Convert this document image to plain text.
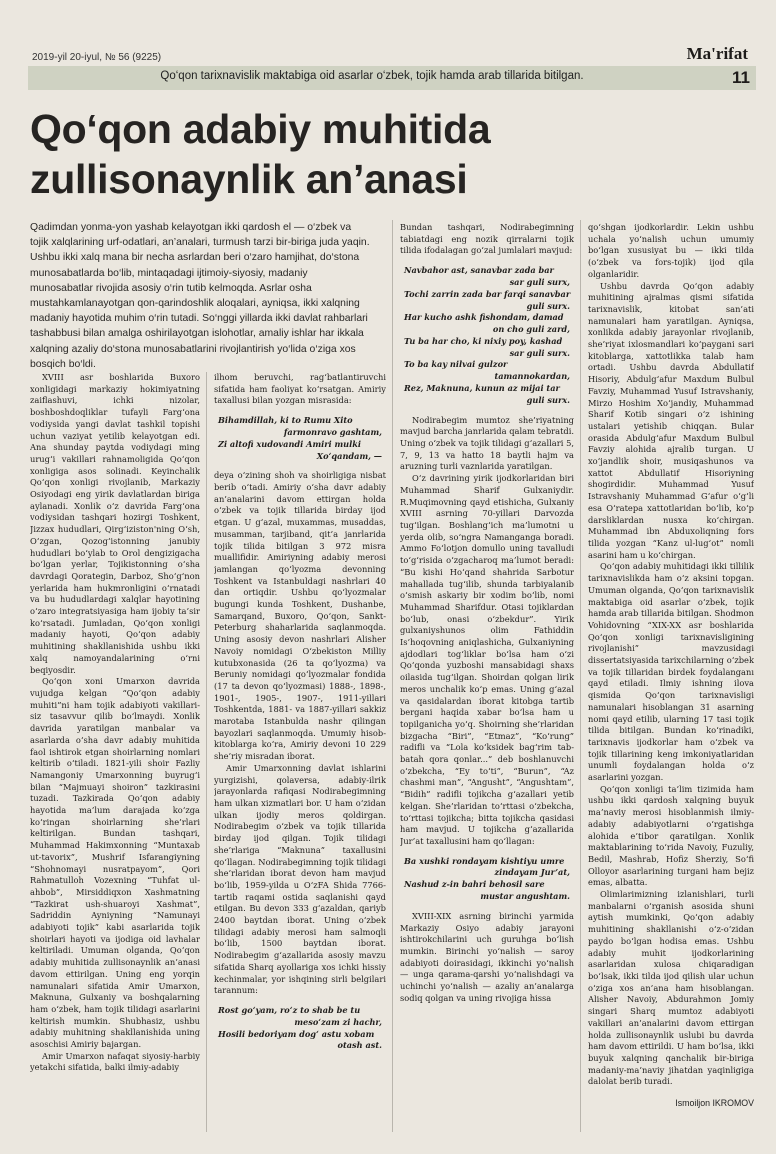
2019-yil 20-iyul, № 56 (9225)	Ma'rifat
Qo‘qon tarixnavislik maktabiga oid asarlar o‘zbek, tojik hamda arab tillarida bitilgan.	11
Qo‘qon adabiy muhitida zullisonaynlik an’anasi
Qadimdan yonma-yon yashab kelayotgan ikki qardosh el — o‘zbek va tojik xalqlarining urf-odatlari, an’analari, turmush tarzi bir-biriga juda yaqin. Ushbu ikki xalq mana bir necha asrlardan beri o‘zaro hamjihat, do‘stona munosabatlarda bo‘lib, mintaqadagi ijtimoiy-siyosiy, madaniy munosabatlar rivojida asosiy o‘rin tutib kelmoqda. Asrlar osha mustahkamlanayotgan qon-qarindoshlik aloqalari, ayniqsa, ikki xalqning madaniy hayotida muhim o‘rin tutadi. So‘nggi yillarda ikki davlat rahbarlari tashabbusi bilan amalga oshirilayotgan islohotlar, amaliy ishlar har ikkala xalqning azaliy do‘stona munosabatlarini rivojlantirish yo‘lida o‘ziga xos bosqich bo‘ldi.

XVIII asr boshlarida Buxoro xonligidagi markaziy hokimiyatning zaiflashuvi, ichki nizolar, boshboshdoqliklar tufayli Farg‘ona vodiysida yangi davlat tashkil topishi uchun vaziyat yetilib kelayotgan edi. Ana shunday paytda vodiydagi ming urug‘i vakillari rahnamoligida Qo‘qon xonligiga asos solinadi. Keyinchalik Qo‘qon xonligi rivojlanib, Markaziy Osiyodagi eng yirik davlatlardan biriga aylanadi. Xonlik o‘z davrida Farg‘ona vodiysidan tashqari hozirgi Toshkent, Jizzax hududlari, Qirg‘iziston'ning O‘sh, O‘zgan, Qozog‘istonning janubiy hududlari bo‘ylab to Orol dengizigacha bo‘lgan yerlar, Tojikistonning o‘sha davrdagi Qorategin, Darboz, Sho‘g‘non yerlarida ham hukmronligini o‘rnatadi va bu hududlardagi xalqlar hayotining o‘zaro integratsiyasiga ham ijobiy ta’sir ko‘rsatadi. Jumladan, Qo‘qon xonligi madaniy hayoti, Qo‘qon adabiy muhitining shakllanishida ushbu ikki xalq namoyandalarining o‘rni beqiyosdir.

Qo‘qon xoni Umarxon davrida vujudga kelgan “Qo‘qon adabiy muhiti”ni ham tojik adabiyoti vakillari-siz tasavvur qilib bo‘lmaydi. Xonlik davrida yaratilgan manbalar va asarlarda o‘sha davr adabiy muhitida faol ishtirok etgan shoirlarning nomlari keltirib o‘tiladi. 1821-yili shoir Fazliy Namangoniy Umarxonning buyrug‘i bilan “Majmuayi shoiron” tazkirasini tuzadi. Tazkirada Qo‘qon adabiy hayotida ma’lum darajada ko‘zga ko‘ringan shoirlarning she’rlari keltirilgan. Bundan tashqari, Muhammad Hakimxonning “Muntaxab ut-tavorix”, Mushrif Isfarangiyning “Shohnomayi nusratpayom”, Qori Rahmatulloh Vozexning “Tuhfat ul-ahbob”, Mirsiddiqxon Xashmatning “Tazkirat ush-shuaroyi Xashmat”, Sadriddin Ayniyning “Namunayi adabiyoti tojik” kabi asarlarida tojik shoirlari hayoti va ijodiga oid lavhalar keltiriladi. Umuman olganda, Qo‘qon adabiy muhitida zullisonaynlik an’anasi davom ettirilgan. Uning eng yorqin namunalari sifatida Amir Umarxon, Maknuna, Gulxaniy va boshqalarning ham o‘zbek, ham tojik tilidagi asarlarini keltirish mumkin. Shubhasiz, ushbu adabiy muhitning shakllanishida uning asoschisi Amiriy bajargan.

Amir Umarxon nafaqat siyosiy-harbiy yetakchi sifatida, balki ilmiy-adabiy

ilhom beruvchi, rag‘batlantiruvchi sifatida ham faoliyat ko‘rsatgan. Amiriy taxallusi bilan yozgan misrasida:

Bihamdillah, ki to Rumu Xito
farmonravo gashtam,
Zi altofi xudovandi Amiri mulki
Xo‘qandam, —

deya o‘zining shoh va shoirligiga nisbat berib o‘tadi. Amiriy o‘sha davr adabiy an’analarini davom ettirgan holda o‘zbek va tojik tillarida birday ijod etgan. U g‘azal, muxammas, musaddas, musamman, tarjiband, qit’a janrlarida tojik tilida bitilgan 3 972 misra muallifidir. Amiriyning adabiy merosi jamlangan qo‘lyozma devonning Toshkent va Istanbuldagi nashrlari 40 dan ortiqdir. Ushbu qo‘lyozmalar bugungi kunda Toshkent, Dushanbe, Samarqand, Buxoro, Qo‘qon, Sankt-Peterburg shaharlarida saqlanmoqda. Uning asosiy devon nashrlari Alisher Navoiy nomidagi O‘zbekiston Milliy kutubxonasida (26 ta qo‘lyozma) va Beruniy nomidagi qo‘lyozmalar fondida (17 ta devon qo‘lyozmasi) 1888-, 1898-, 1901-, 1905-, 1907-, 1911-yillari Toshkentda, 1881- va 1887-yillari sakkiz marotaba Istanbulda nashr qilingan bayozlari saqlanmoqda. Umumiy hisob-kitoblarga ko‘ra, Amiriy devoni 10 229 she’riy misradan iborat.

Amir Umarxonning davlat ishlarini yurgizishi, qolaversa, adabiy-ilrik jarayonlarda rafiqasi Nodirabegimning ham ulkan xizmatlari bor. U ham o‘zidan ulkan ijodiy meros qoldirgan. Nodirabegim o‘zbek va tojik tillarida birday ijod qilgan. Tojik tilidagi she’rlariga “Maknuna” taxallusini qo‘llagan. Nodirabegimning tojik tilidagi she’rlaridan iborat devon ham mavjud bo‘lib, 1959-yilda u O‘zFA Shida 7766-tartib raqami ostida saqlanishi qayd etilgan. Bu devon 333 g‘azaldan, qariyb 2400 baytdan iborat. Uning o‘zbek tilidagi adabiy merosi ham salmoqli bo‘lib, 1500 baytdan iborat. Nodirabegim g‘azallarida asosiy mavzu sifatida Sharq ayollariga xos ichki hissiy kechinmalar, yor ishqining sirli belgilari tarannum:

Rost go‘yam, ro‘z to shab be tu
meso‘zam zi hachr,
Hosili bedoriyam dog‘ astu xobam
otash ast.

Bundan tashqari, Nodirabegimning tabiatdagi eng nozik qirralarni tojik tilida ifodalagan go‘zal jumlalari mavjud:

Navbahor ast, sanavbar zada bar
sar guli surx,
Tochi zarrin zada bar farqi sanavbar
guli surx.
Har kucho ashk fishondam, damad
on cho guli zard,
Tu ba har cho, ki nixiy poy, kashad
sar guli surx.
To ba kay nilvai gulzor
tamannokardan,
Rez, Maknuna, kunun az mijai tar
guli surx.

Nodirabegim mumtoz she’riyatning mavjud barcha janrlarida qalam tebratdi. Uning o‘zbek va tojik tilidagi g‘azallari 5, 7, 9, 13 va hatto 18 baytli hajm va aruzning turli vaznlarida yaratilgan.

O‘z davrining yirik ijodkorlaridan biri Muhammad Sharif Gulxaniydir. R.Muqimovning qayd etishicha, Gulxaniy XVIII asrning 70-yillari Darvozda tug‘ilgan. Boshlang‘ich ma’lumotni u yerda olib, so‘ngra Namanganga boradi. Ammo Fo‘lotjon domullo uning tavalludi to‘g‘risida o‘zgacharoq ma’lumot beradi: “Bu kishi Ho‘qand shahrida Sarbotur mahallada tug‘ilib, shunda tarbiyalanib o‘smish askariy bir xodim bo‘lib, nomi Muhammad Sharifdur. Otasi tojiklardan bo‘lub, onasi o‘zbekdur”. Yirik gulxaniyshunos olim Fathiddin Is’hoqovning aniqlashicha, Gulxaniyning ajdodlari tog‘liklar bo‘lsa ham o‘zi Qo‘qonda yuzboshi mansabidagi shaxs oilasida tug‘ilgan. Shoirdan qolgan lirik meros unchalik ko‘p emas. Uning g‘azal va qasidalardan iborat kitobga tartib bergani haqida xabar bo‘lsa ham u topilganicha yo‘q. Shoirning she’rlaridan bizgacha “Biri”, “Etmaz”, “Ko‘rung” radifli va “Lola ko‘ksidek bag‘rim tab-batah qora qonlar...” deb boshlanuvchi o‘zbekcha, “Ey to‘ti”, “Burun”, “Az chashmi man”, “Angusht”, “Angushtam”, “Bidih” radifli tojikcha g‘azallari yetib kelgan. She’rlaridan to‘rttasi o‘zbekcha, to‘rttasi tojikcha; bitta tojikcha qasidasi ham mavjud. U tojikcha g‘azallarida Jur’at taxallusini ham qo‘llagan:

Ba xushki rondayam kishtiyu umre
zindayam Jur’at,
Nashud z-in bahri behosil sare
mustar angushtam.

XVIII-XIX asrning birinchi yarmida Markaziy Osiyo adabiy jarayoni ishtirokchilarini uch guruhga bo‘lish mumkin. Birinchi yo‘nalish — saroy adabiyoti doirasidagi, ikkinchi yo‘nalish — unga qarama-qarshi yo‘nalishdagi va uchinchi yo‘nalish — azaliy an’analarga sodiq qolgan va uning rivojiga hissa

qo‘shgan ijodkorlardir. Lekin ushbu uchala yo‘nalish uchun umumiy bo‘lgan xususiyat bu — ikki tilda (o‘zbek va fors-tojik) ijod qila olganlaridir.

Ushbu davrda Qo‘qon adabiy muhitining ajralmas qismi sifatida tarixnavislik, kitobat san’ati namunalari ham yaratilgan. Ayniqsa, xonlikda adabiy jarayonlar rivojlanib, she’riyat ixlosmandlari ko‘paygani sari kitoblarga, xattotlikka talab ham ortadi. Ushbu davrda Abdullatif Hisoriy, Abdulg‘afur Maxdum Bulbul Favziy, Muhammad Yusuf Istravshaniy, Mirzo Hoshim Xo‘jandiy, Muhammad Sharif Kotib singari o‘z ishining ustalari yetishib chiqqan. Bular orasida Abdulg‘afur Maxdum Bulbul Favziy alohida ajralib turgan. U xo‘jandlik shoir, musiqashunos va xattot Abdullatif Hisoriyning shogirdidir. Muhammad Yusuf Istravshaniy Muhammad G‘afur o‘g‘li esa O‘ratepa xattotlaridan bo‘lib, ko‘p darsliklardan nusxa ko‘chirgan. Muhammad ibn Abduxoliqning fors tilida yozgan “Kanz ul-lug‘ot” nomli asarini ham u ko‘chirgan.

Qo‘qon adabiy muhitidagi ikki tillilik tarixnavislikda ham o‘z aksini topgan. Umuman olganda, Qo‘qon tarixnavislik maktabiga oid asarlar o‘zbek, tojik hamda arab tillarida bitilgan. Shodmon Vohidovning “XIX-XX asr boshlarida Qo‘qon xonligi tarixnavisligining rivojlanishi” mavzusidagi dissertatsiyasida tarixchilarning o‘zbek va tojik tillaridan birdek foydalanganı qayd etiladi. Ilmiy ishning ilova qismida Qo‘qon tarixnavisligi namunalari hisoblangan 31 asarning nomi qayd etilib, ularning 17 tasi tojik tilida bitilgan. Bundan ko‘rinadiki, tarixnavis ijodkorlar ham o‘zbek va tojik tillarining keng imkoniyatlaridan unumli foydalangan holda o‘z asarlarini yozgan.

Qo‘qon xonligi ta’lim tizimida ham ushbu ikki qardosh xalqning buyuk ma’naviy merosi hisoblanmish ilmiy-adabiy adabiyotlarni o‘rgatishga alohida e’tibor qaratilgan. Xonlik maktablarining to‘rida Navoiy, Fuzuliy, Bedil, Mashrab, Hofiz Sherziy, So‘fi Olloyor asarlarining turgani ham bejiz emas, albatta.

Olimlarimizning izlanishlari, turli manbalarni o‘rganish asosida shuni aytish mumkinki, Qo‘qon adabiy muhitining shakllanishi o‘z-o‘zidan paydo bo‘lgan hodisa emas. Ushbu adabiy muhit ijodkorlarining asarlaridan xulosa chiqaradigan bo‘lsak, ikki tilda ijod qilish ular uchun o‘ziga xos an’ana ham hisoblangan. Alisher Navoiy, Abdurahmon Jomiy singari Sharq mumtoz adabiyoti vakillari an’analarini davom ettirgan holda zullisonaynlik uslubi bu davrda ham davom ettirildi. U ham bo‘lsa, ikki buyuk xalqning qanchalik bir-biriga madaniy-ma’naviy jihatdan yaqinligiga dalolat berib turadi.

Ismoiljon IKROMOV
